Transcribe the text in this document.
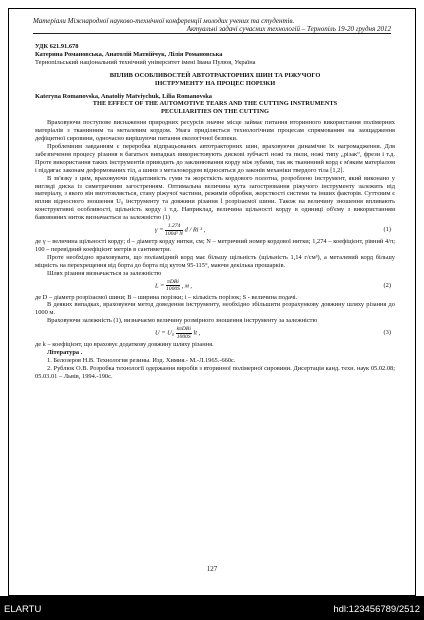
Матеріали Міжнародної науково-технічної конференції молодих учених та студентів.
Актуальні задачі сучасних технологій – Тернопіль 19-20 грудня 2012

УДК 621.91.678

Катерина Романовська, Анатолій Матвійчук, Лілія Романовська

Тернопільський національний технічний університет імені Івана Пулюя, Україна

ВПЛИВ ОСОБЛИВОСТЕЙ АВТОТРАКТОРНИХ ШИН ТА РІЖУЧОГО

ІНСТРУМЕНТУ НА ПРОЦЕС ПОРІЗКИ

Kateryna Romanovska, Anatoliy Matviychuk, Lilia Romanovska

THE EFFECT OF THE AUTOMOTIVE TEARS AND THE CUTTING INSTRUMENTS

PECULIARITIES ON THE CUTTING

Враховуючи поступове виснаження природних ресурсів значне місце займає питання вторинного використання полімерних матеріалів з тканинним та металевим кордом. Увага приділяється технологічним процесам спрямованим на заощадження дефіцитної сировини, одночасно вирішуючи питання екологічної безпеки.

Проблемним завданням є переробка відпрацьованих автотракторних шин, враховуючи динамічне їх нагромадження. Для забезпечення процесу різання в багатьох випадках використовують дискові зубчасті ножі та пили, ножі типу „різак“, фрези і т.д. Проте використання таких інструментів приводить до заклинювання корду між зубами, так як тканинний корд є м'яким матеріалом і піддягає законам деформованих тіл, а шини з металокордом відносяться до законів механіки твердого тіла [1,2].

В зв'язку з цим, враховуючи піддатливість гуми та жорсткість кордового полотна, розроблено інструмент, який виконано у вигляді диска із симетричним загостренням. Оптимальна величина кута загострювання ріжучого інструменту залежить від матеріалу, з якого він виготовляється, стану ріжучої частини, режимів обробки, жорсткості системи та інших факторів. Суттєвим є вплив відносного зношення U₀ інструменту та довжини різання l розрізаємої шини. Також на величину зношення впливають конструктивні особливості, щільність корду і т.д. Наприклад, величина щільності корду в одиниці об'єму з використанням бавовняних ниток визначається за залежністю (1)

$\gamma = \frac{1.274}{\text{100d² N}}$ d / Ri ³ ,	(1)

де γ – величина щільності корду; d – діаметр корду нитки, см; N – метричний номер кордової нитки; 1,274 – коефіцієнт, рівний 4/π; 100 – перевідний коефіцієнт метрів в сантиметри.

Проте необхідно враховувати, що поліамідний корд має більшу щільність (щільність 1,14 г/см³), а металевий корд більшу міцність на перехрещення від борта до борта під кутом 95-115°, маючи декілька прошарків.

Шлях різання визначається за залежністю

$L = \frac{\text{πDBi}}{1000S}$ , м ,	(2)

де D – діаметр розрізаємої шини; B – ширина порізки; i – кількість порізок; S - величина подачі.

В деяких випадках, враховуючи метод доведення інструменту, необхідно збільшити розрахункову довжину шляху різання до 1000 м.

Враховуючи залежність (1), визначаємо величину розмірного зношення інструменту за залежністю

$U = U_0 \frac{\text{kπDBi}}{1000S}$ lt ,	(3)

де k – коефіцієнт, що враховує додаткову довжину шляху різання.

Література .

1. Белозеров Н.В. Технология резины. Изд. Химия.- М.-Л.1965.-660с.

2. Рублюк О.В. Розробка технології одержання виробів з вторинної полімерної сировини. Дисертація канд. техн. наук 05.02.08; 05.03.01 – Львів, 1994.-190с.

127
ELARTU	hdl:123456789/2512
